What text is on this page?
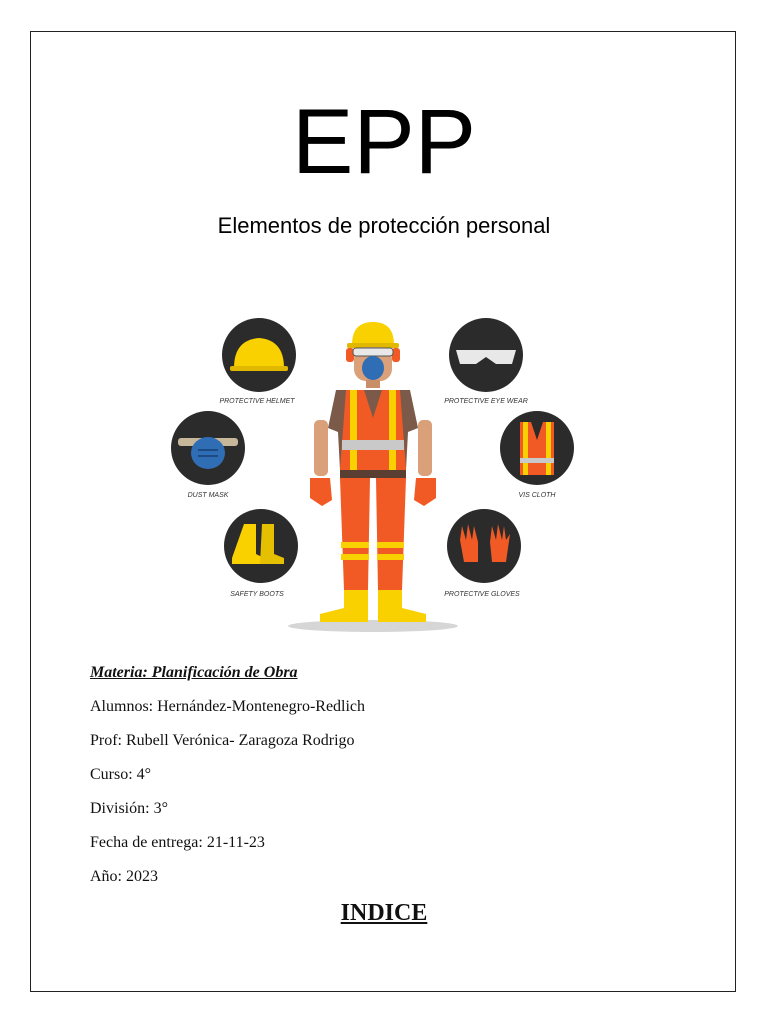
EPP
Elementos de protección personal
PROTECTIVE HELMET	PROTECTIVE EYE WEAR
DUST MASK	VIS CLOTH
SAFETY BOOTS	PROTECTIVE GLOVES
Materia: Planificación de Obra
Alumnos: Hernández-Montenegro-Redlich
Prof: Rubell Verónica- Zaragoza Rodrigo
Curso: 4°
División: 3°
Fecha de entrega: 21-11-23
Año: 2023
INDICE
